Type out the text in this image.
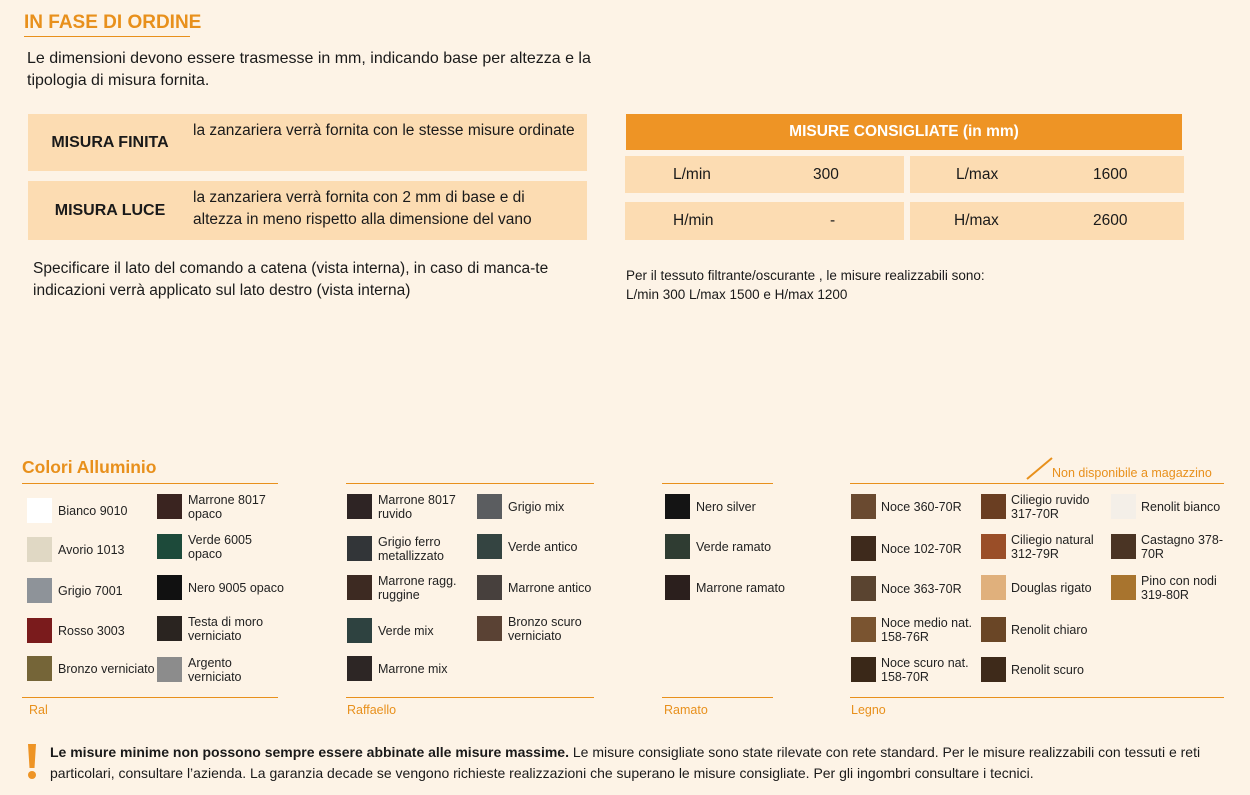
IN FASE DI ORDINE
Le dimensioni devono essere trasmesse in mm, indicando base per altezza e la tipologia di misura fornita.
MISURA FINITA
la zanzariera verrà fornita con le stesse misure ordinate
MISURA LUCE
la zanzariera verrà fornita con 2 mm di base e di altezza in meno rispetto alla dimensione del vano
Specificare il lato del comando a catena (vista interna), in caso di manca-te indicazioni verrà applicato sul lato destro (vista interna)
MISURE CONSIGLIATE (in mm)
L/min	300	L/max	1600
H/min	-	H/max	2600
Per il tessuto filtrante/oscurante , le misure realizzabili sono:
L/min 300 L/max 1500 e H/max 1200
Colori Alluminio	Non disponibile a magazzino
Ral	Raffaello	Ramato	Legno
Bianco 9010
Avorio 1013
Grigio 7001
Rosso 3003
Bronzo verniciato
Marrone 8017 opaco
Verde 6005 opaco
Nero 9005 opaco
Testa di moro verniciato
Argento verniciato
Marrone 8017 ruvido
Grigio ferro metallizzato
Marrone ragg. ruggine
Verde mix
Marrone mix
Grigio mix
Verde antico
Marrone antico
Bronzo scuro verniciato
Nero silver
Verde ramato
Marrone ramato
Noce 360-70R
Noce 102-70R
Noce 363-70R
Noce medio nat. 158-76R
Noce scuro nat. 158-70R
Ciliegio ruvido 317-70R
Ciliegio natural 312-79R
Douglas rigato
Renolit chiaro
Renolit scuro
Renolit bianco
Castagno 378-70R
Pino con nodi 319-80R
Le misure minime non possono sempre essere abbinate alle misure massime. Le misure consigliate sono state rilevate con rete standard. Per le misure realizzabili con tessuti e reti particolari, consultare l’azienda. La garanzia decade se vengono richieste realizzazioni che superano le misure consigliate. Per gli ingombri consultare i tecnici.
